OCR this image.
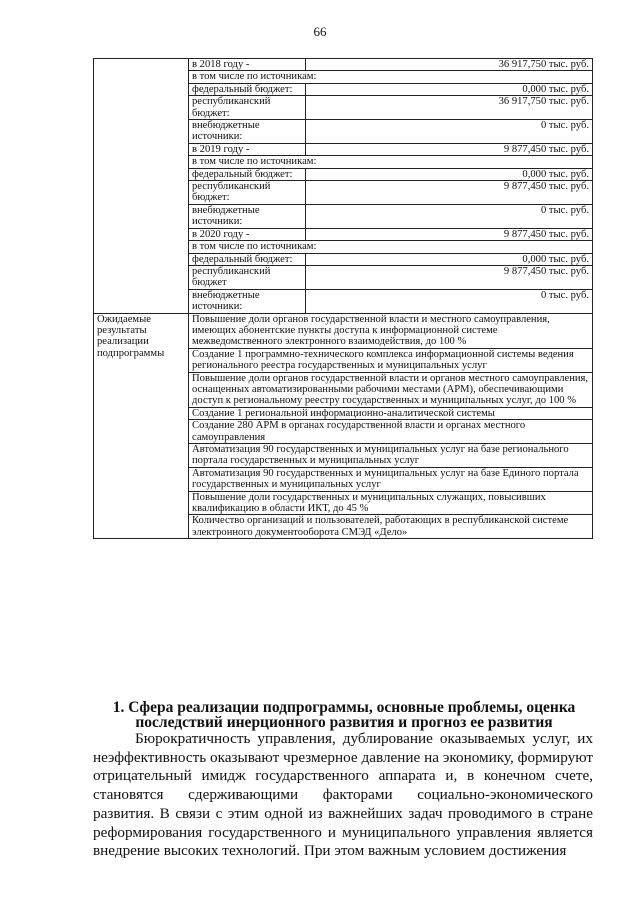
66
	в 2018 году -	36 917,750 тыс. руб.
	в том числе по источникам:	
	федеральный бюджет:	0,000 тыс. руб.
	республиканский бюджет:	36 917,750 тыс. руб.
	внебюджетные источники:	0 тыс. руб.
	в 2019 году -	9 877,450 тыс. руб.
	в том числе по источникам:	
	федеральный бюджет:	0,000 тыс. руб.
	республиканский бюджет:	9 877,450 тыс. руб.
	внебюджетные источники:	0 тыс. руб.
	в 2020 году -	9 877,450 тыс. руб.
	в том числе по источникам:	
	федеральный бюджет:	0,000 тыс. руб.
	республиканский бюджет	9 877,450 тыс. руб.
	внебюджетные источники:	0 тыс. руб.
Ожидаемые результаты реализации подпрограммы	Повышение доли органов государственной власти и местного самоуправления, имеющих абонентские пункты доступа к информационной системе межведомственного электронного взаимодействия, до 100 %	
	Создание 1 программно-технического комплекса информационной системы ведения регионального реестра государственных и муниципальных услуг	
	Повышение доли органов государственной власти и органов местного самоуправления, оснащенных автоматизированными рабочими местами (АРМ), обеспечивающими доступ к региональному реестру государственных и муниципальных услуг, до 100 %	
	Создание 1 региональной информационно-аналитической системы	
	Создание 280 АРМ в органах государственной власти и органах местного самоуправления	
	Автоматизация 90 государственных и муниципальных услуг на базе регионального портала государственных и муниципальных услуг	
	Автоматизация 90 государственных и муниципальных услуг на базе Единого портала государственных и муниципальных услуг	
	Повышение доли государственных и муниципальных служащих, повысивших квалификацию в области ИКТ, до 45 %	
	Количество организаций и пользователей, работающих в республиканской системе электронного документооборота СМЭД «Дело»	
1. Сфера реализации подпрограммы, основные проблемы, оценка последствий инерционного развития и прогноз ее развития

Бюрократичность управления, дублирование оказываемых услуг, их неэффективность оказывают чрезмерное давление на экономику, формируют отрицательный имидж государственного аппарата и, в конечном счете, становятся сдерживающими факторами социально-экономического развития. В связи с этим одной из важнейших задач проводимого в стране реформирования государственного и муниципального управления является внедрение высоких технологий. При этом важным условием достижения
